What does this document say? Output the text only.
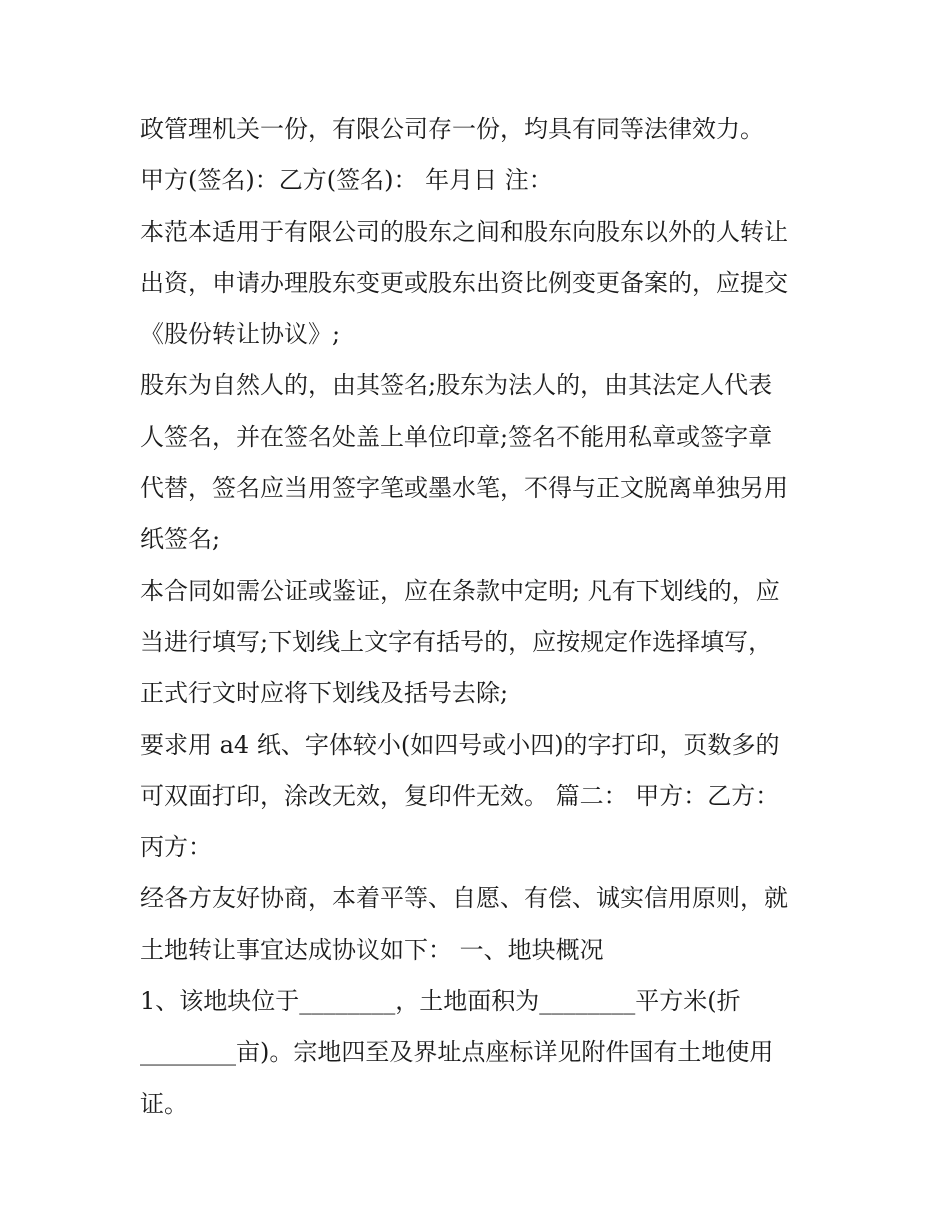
政管理机关一份，有限公司存一份，均具有同等法律效力。
甲方(签名)：乙方(签名)： 年月日 注：
本范本适用于有限公司的股东之间和股东向股东以外的人转让
出资，申请办理股东变更或股东出资比例变更备案的，应提交
《股份转让协议》;
股东为自然人的，由其签名;股东为法人的，由其法定人代表
人签名，并在签名处盖上单位印章;签名不能用私章或签字章
代替，签名应当用签字笔或墨水笔，不得与正文脱离单独另用
纸签名;
本合同如需公证或鉴证，应在条款中定明; 凡有下划线的，应
当进行填写;下划线上文字有括号的，应按规定作选择填写，
正式行文时应将下划线及括号去除;
要求用 a4 纸、字体较小(如四号或小四)的字打印，页数多的
可双面打印，涂改无效，复印件无效。 篇二： 甲方：乙方：
丙方：
经各方友好协商，本着平等、自愿、有偿、诚实信用原则，就
土地转让事宜达成协议如下： 一、地块概况
1、该地块位于________，土地面积为________平方米(折
________亩)。宗地四至及界址点座标详见附件国有土地使用
证。
